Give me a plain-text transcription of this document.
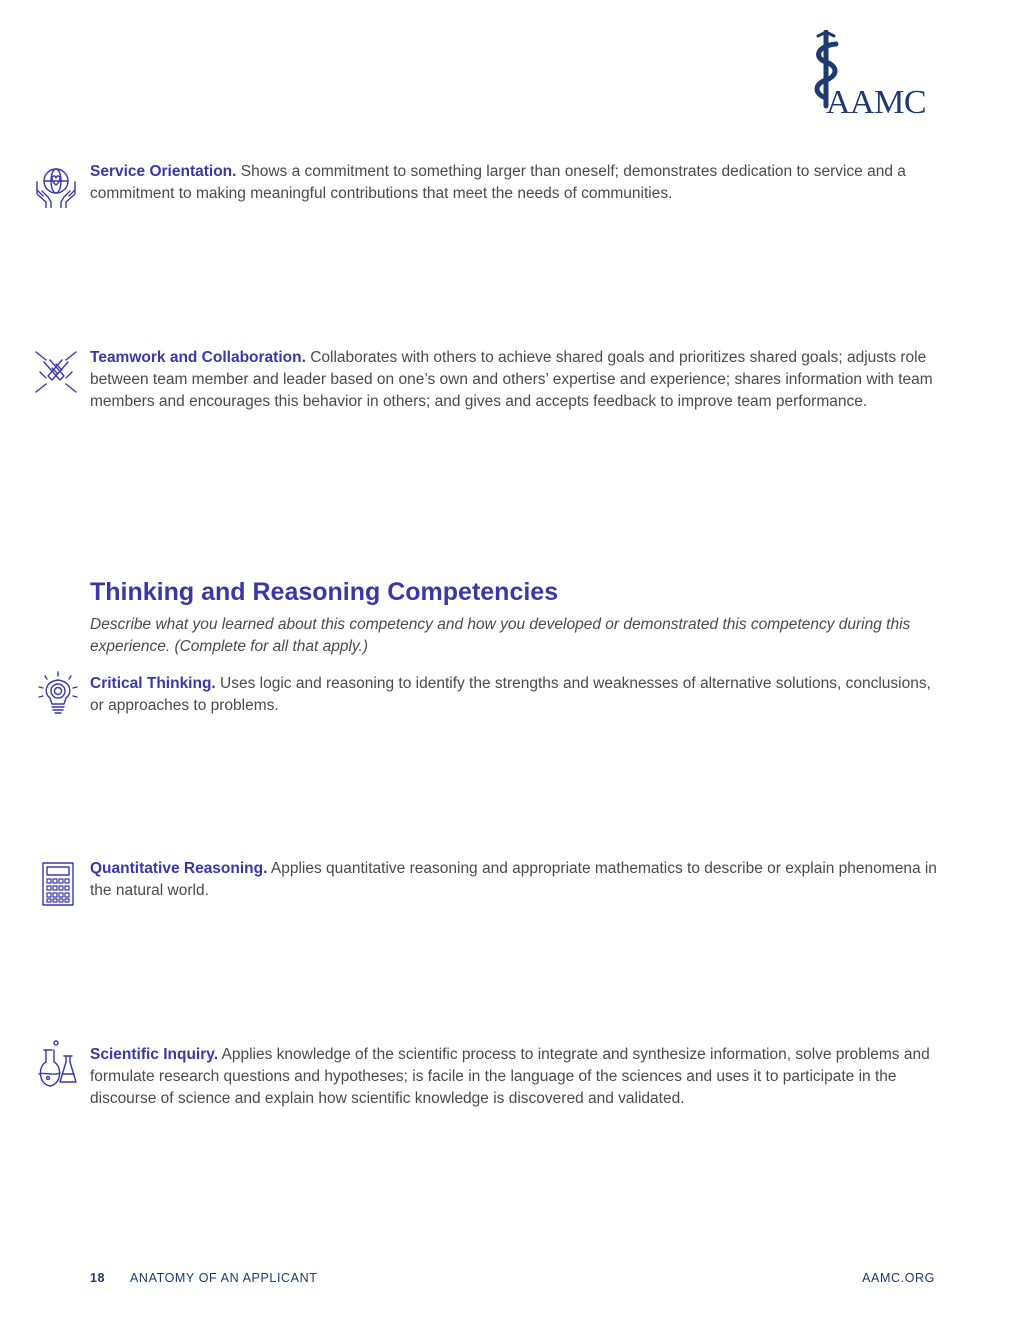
AAMC
Service Orientation. Shows a commitment to something larger than oneself; demonstrates dedication to service and a commitment to making meaningful contributions that meet the needs of communities.
Teamwork and Collaboration. Collaborates with others to achieve shared goals and prioritizes shared goals; adjusts role between team member and leader based on one’s own and others’ expertise and experience; shares information with team members and encourages this behavior in others; and gives and accepts feedback to improve team performance.
Thinking and Reasoning Competencies
Describe what you learned about this competency and how you developed or demonstrated this competency during this experience. (Complete for all that apply.)
Critical Thinking. Uses logic and reasoning to identify the strengths and weaknesses of alternative solutions, conclusions, or approaches to problems.
Quantitative Reasoning. Applies quantitative reasoning and appropriate mathematics to describe or explain phenomena in the natural world.
Scientific Inquiry. Applies knowledge of the scientific process to integrate and synthesize information, solve problems and formulate research questions and hypotheses; is facile in the language of the sciences and uses it to participate in the discourse of science and explain how scientific knowledge is discovered and validated.
18 ANATOMY OF AN APPLICANT	AAMC.ORG
